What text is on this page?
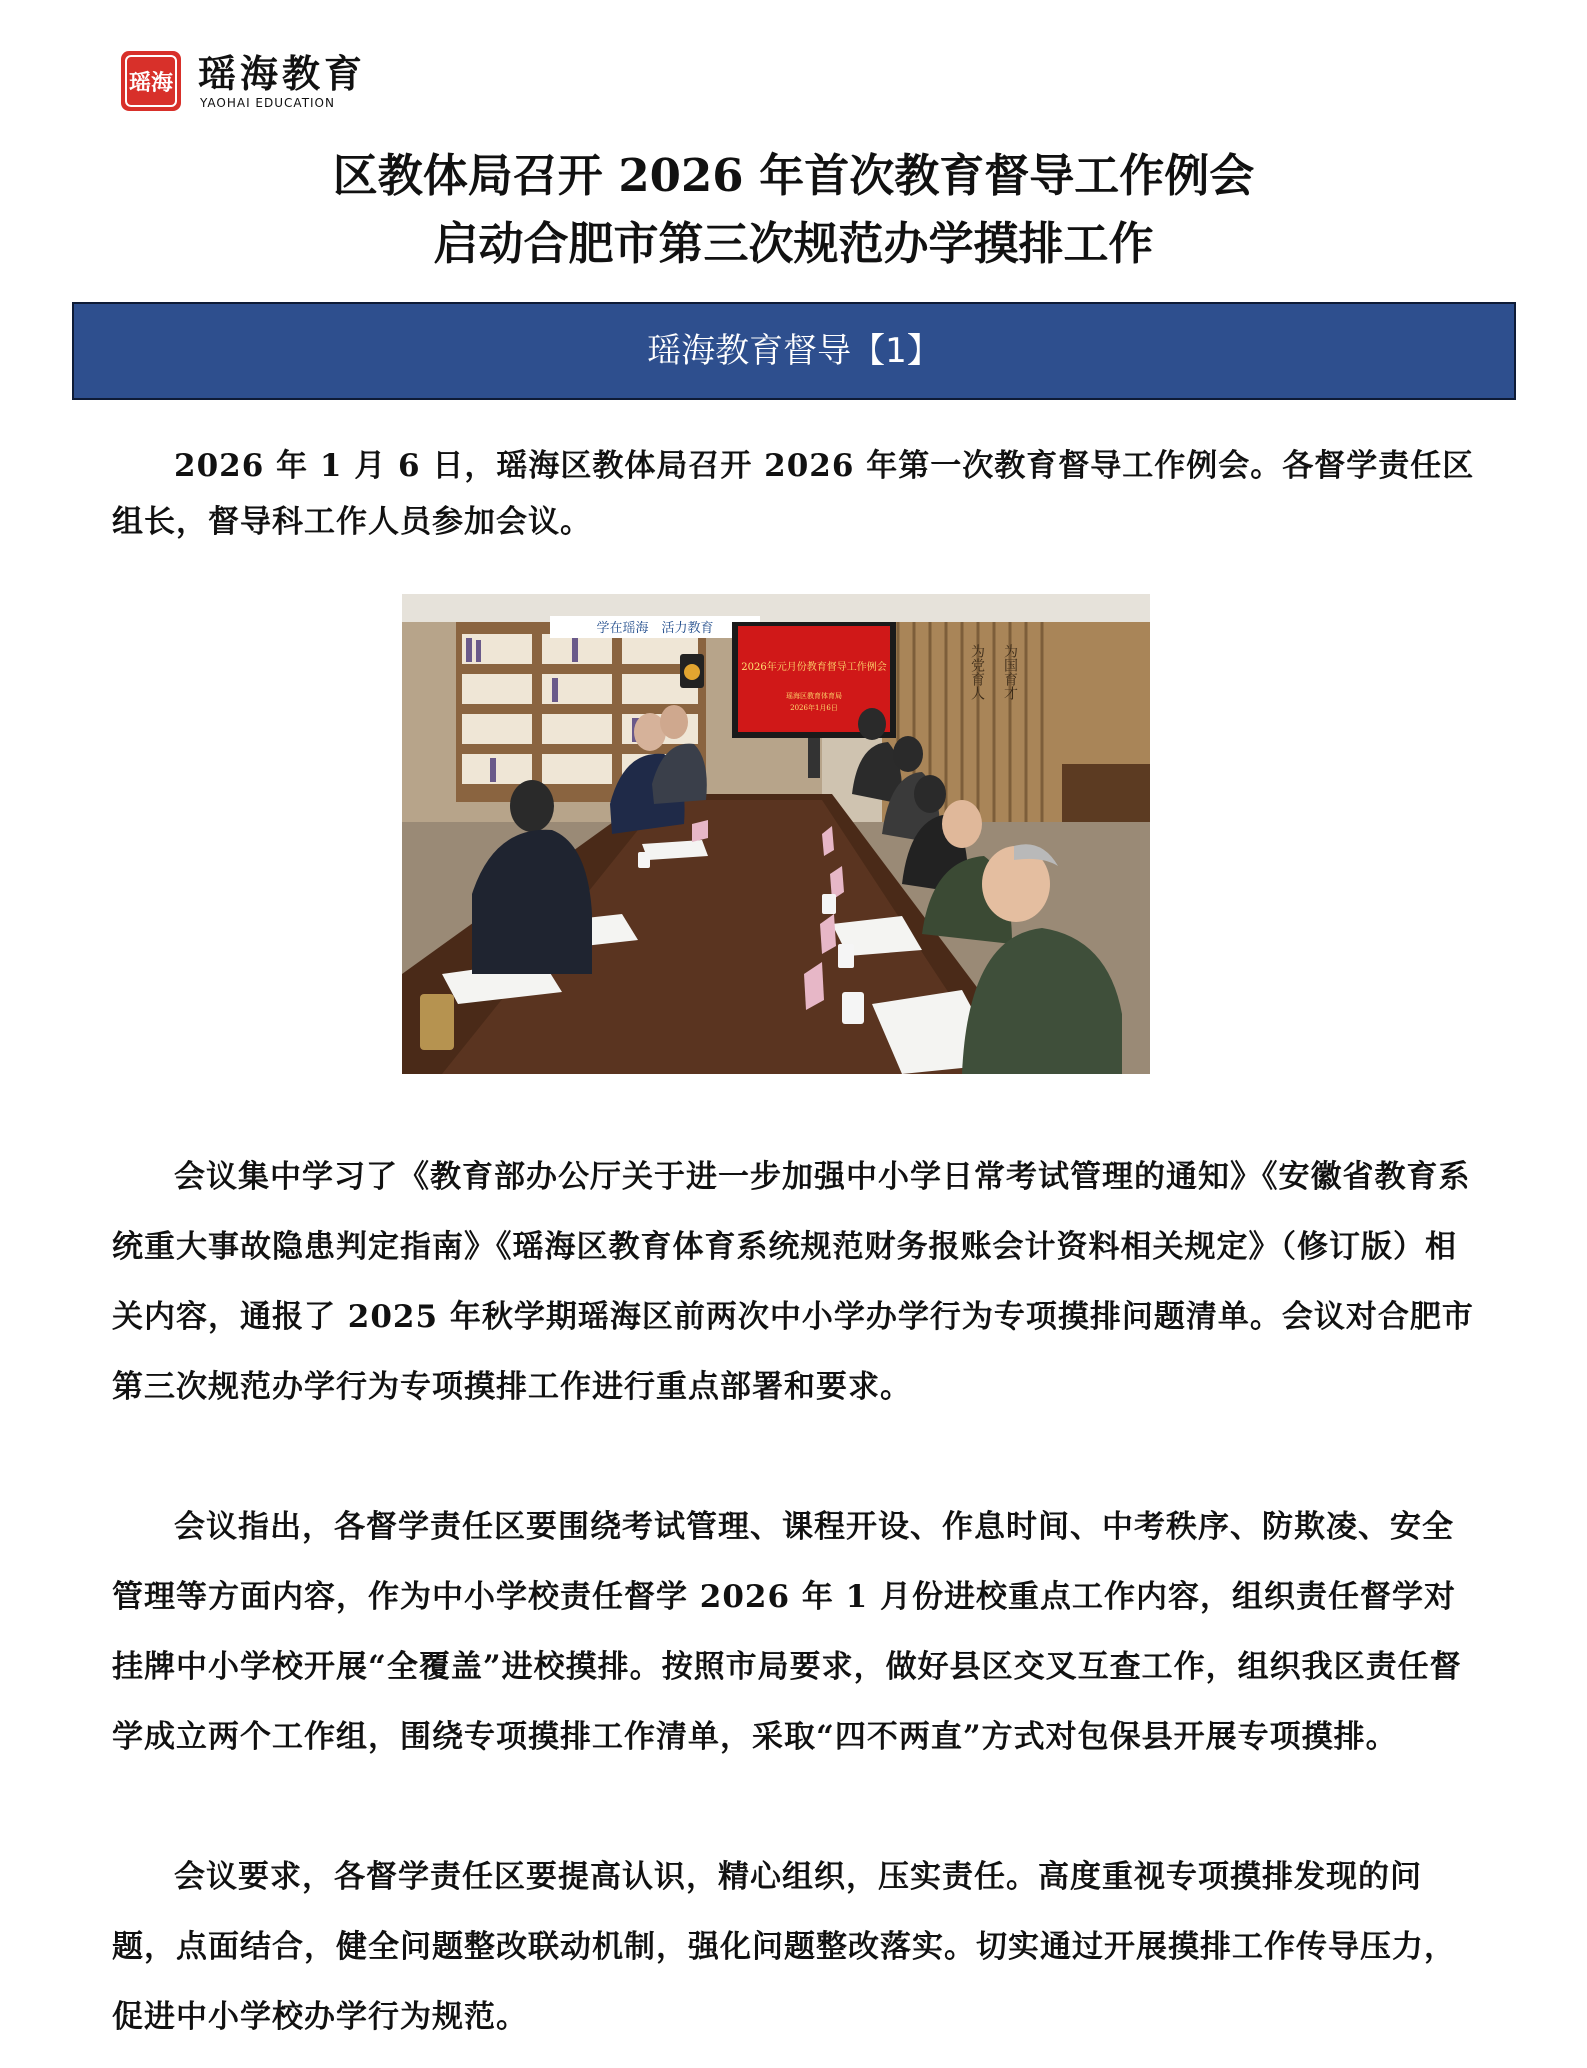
瑶海 瑶海教育
YAOHAI EDUCATION
区教体局召开 2026 年首次教育督导工作例会
启动合肥市第三次规范办学摸排工作
瑶海教育督导【1】

2026 年 1 月 6 日，瑶海区教体局召开 2026 年第一次教育督导工作例会。各督学责任区组长，督导科工作人员参加会议。

学在瑶海　活力教育
为党育人 为国育才
2026年元月份教育督导工作例会
瑶海区教育体育局
2026年1月6日

会议集中学习了《教育部办公厅关于进一步加强中小学日常考试管理的通知》《安徽省教育系统重大事故隐患判定指南》《瑶海区教育体育系统规范财务报账会计资料相关规定》（修订版）相关内容，通报了 2025 年秋学期瑶海区前两次中小学办学行为专项摸排问题清单。会议对合肥市第三次规范办学行为专项摸排工作进行重点部署和要求。

会议指出，各督学责任区要围绕考试管理、课程开设、作息时间、中考秩序、防欺凌、安全管理等方面内容，作为中小学校责任督学 2026 年 1 月份进校重点工作内容，组织责任督学对挂牌中小学校开展“全覆盖”进校摸排。按照市局要求，做好县区交叉互查工作，组织我区责任督学成立两个工作组，围绕专项摸排工作清单，采取“四不两直”方式对包保县开展专项摸排。

会议要求，各督学责任区要提高认识，精心组织，压实责任。高度重视专项摸排发现的问题，点面结合，健全问题整改联动机制，强化问题整改落实。切实通过开展摸排工作传导压力，促进中小学校办学行为规范。
